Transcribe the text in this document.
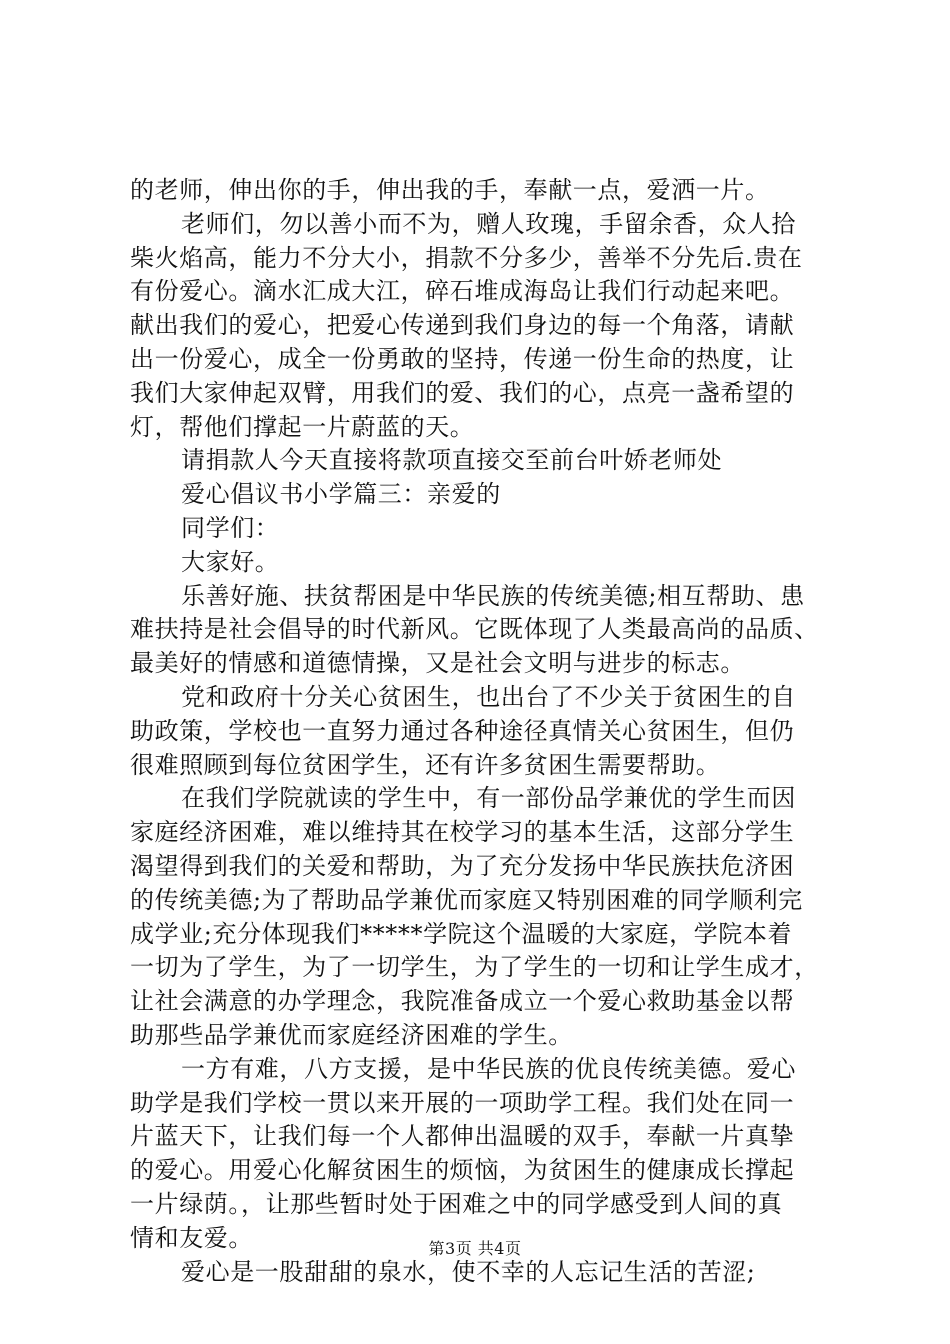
的老师，伸出你的手，伸出我的手，奉献一点，爱洒一片。
老师们，勿以善小而不为，赠人玫瑰，手留余香，众人拾
柴火焰高，能力不分大小，捐款不分多少，善举不分先后.贵在
有份爱心。滴水汇成大江，碎石堆成海岛让我们行动起来吧。
献出我们的爱心，把爱心传递到我们身边的每一个角落，请献
出一份爱心，成全一份勇敢的坚持，传递一份生命的热度，让
我们大家伸起双臂，用我们的爱、我们的心，点亮一盏希望的
灯，帮他们撑起一片蔚蓝的天。
请捐款人今天直接将款项直接交至前台叶娇老师处
爱心倡议书小学篇三：亲爱的
同学们：
大家好。
乐善好施、扶贫帮困是中华民族的传统美德;相互帮助、患
难扶持是社会倡导的时代新风。它既体现了人类最高尚的品质、
最美好的情感和道德情操，又是社会文明与进步的标志。
党和政府十分关心贫困生，也出台了不少关于贫困生的自
助政策，学校也一直努力通过各种途径真情关心贫困生，但仍
很难照顾到每位贫困学生，还有许多贫困生需要帮助。
在我们学院就读的学生中，有一部份品学兼优的学生而因
家庭经济困难，难以维持其在校学习的基本生活，这部分学生
渴望得到我们的关爱和帮助，为了充分发扬中华民族扶危济困
的传统美德;为了帮助品学兼优而家庭又特别困难的同学顺利完
成学业;充分体现我们*****学院这个温暖的大家庭，学院本着
一切为了学生，为了一切学生，为了学生的一切和让学生成才，
让社会满意的办学理念，我院准备成立一个爱心救助基金以帮
助那些品学兼优而家庭经济困难的学生。
一方有难，八方支援，是中华民族的优良传统美德。爱心
助学是我们学校一贯以来开展的一项助学工程。我们处在同一
片蓝天下，让我们每一个人都伸出温暖的双手，奉献一片真挚
的爱心。用爱心化解贫困生的烦恼，为贫困生的健康成长撑起
一片绿荫。，让那些暂时处于困难之中的同学感受到人间的真
情和友爱。
爱心是一股甜甜的泉水，使不幸的人忘记生活的苦涩;
第3页 共4页
